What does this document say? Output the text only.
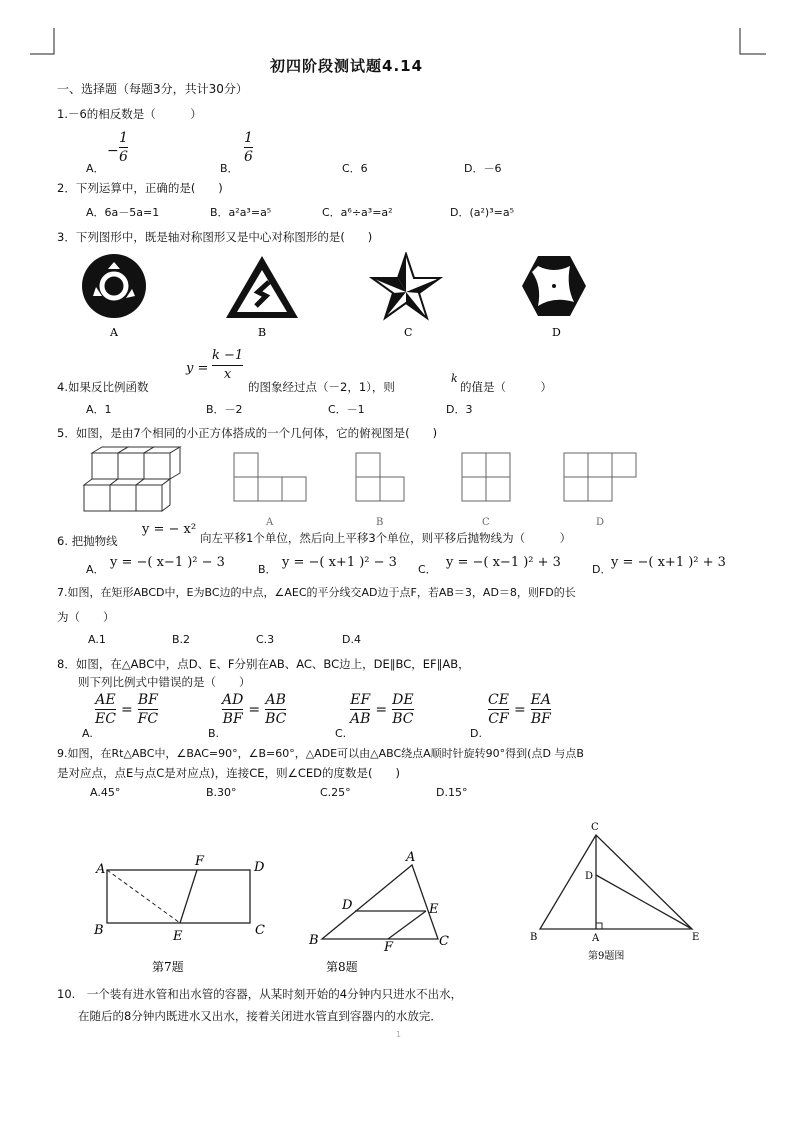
初四阶段测试题4.14
一、选择题（每题3分，共计30分）
1.－6的相反数是（　　　）
A．
−
1
6
B．
1
6
C．6	D．－6
2．下列运算中，正确的是(　　)
A．6a－5a=1	B．a²a³=a⁵	C．a⁶÷a³=a²	D．(a²)³=a⁵
3．下列图形中，既是轴对称图形又是中心对称图形的是(　　)
A	B	C	D
y =
k −1
x
4.如果反比例函数	的图象经过点（－2，1），则
k
的值是（　　　）
A．1	B．－2	C．－1	D．3
5．如图，是由7个相同的小正方体搭成的一个几何体，它的俯视图是(　　)
A	B	C	D
6. 把抛物线
y = − x²
向左平移1个单位，然后向上平移3个单位，则平移后抛物线为（　　　）
A． y = −( x−1 )² − 3	B． y = −( x+1 )² − 3 C． y = −( x−1 )² + 3	D． y = −( x+1 )² + 3
7.如图，在矩形ABCD中，E为BC边的中点，∠AEC的平分线交AD边于点F，若AB＝3，AD＝8，则FD的长
为（　　）
A.1	B.2	C.3	D.4
8．如图，在△ABC中，点D、E、F分别在AB、AC、BC边上，DE∥BC，EF∥AB，
则下列比例式中错误的是（　　）
A.
$\frac{AE}{EC} = \frac{BF}{FC}$
B.
$\frac{AD}{BF} = \frac{AB}{BC}$
C.
$\frac{EF}{AB} = \frac{DE}{BC}$
D.
$\frac{CE}{CF} = \frac{EA}{BF}$
9.如图，在Rt△ABC中，∠BAC=90°，∠B=60°，△ADE可以由△ABC绕点A顺时针旋转90°得到(点D 与点B
是对应点，点E与点C是对应点)，连接CE，则∠CED的度数是(　　)
A.45°	B.30°	C.25°	D.15°
A
F	D
B	E	C
第7题
A
D	E
B	F	C
第8题
C
D
B	A	E
第9题图
10.　一个装有进水管和出水管的容器，从某时刻开始的4分钟内只进水不出水，
在随后的8分钟内既进水又出水，接着关闭进水管直到容器内的水放完．
1
